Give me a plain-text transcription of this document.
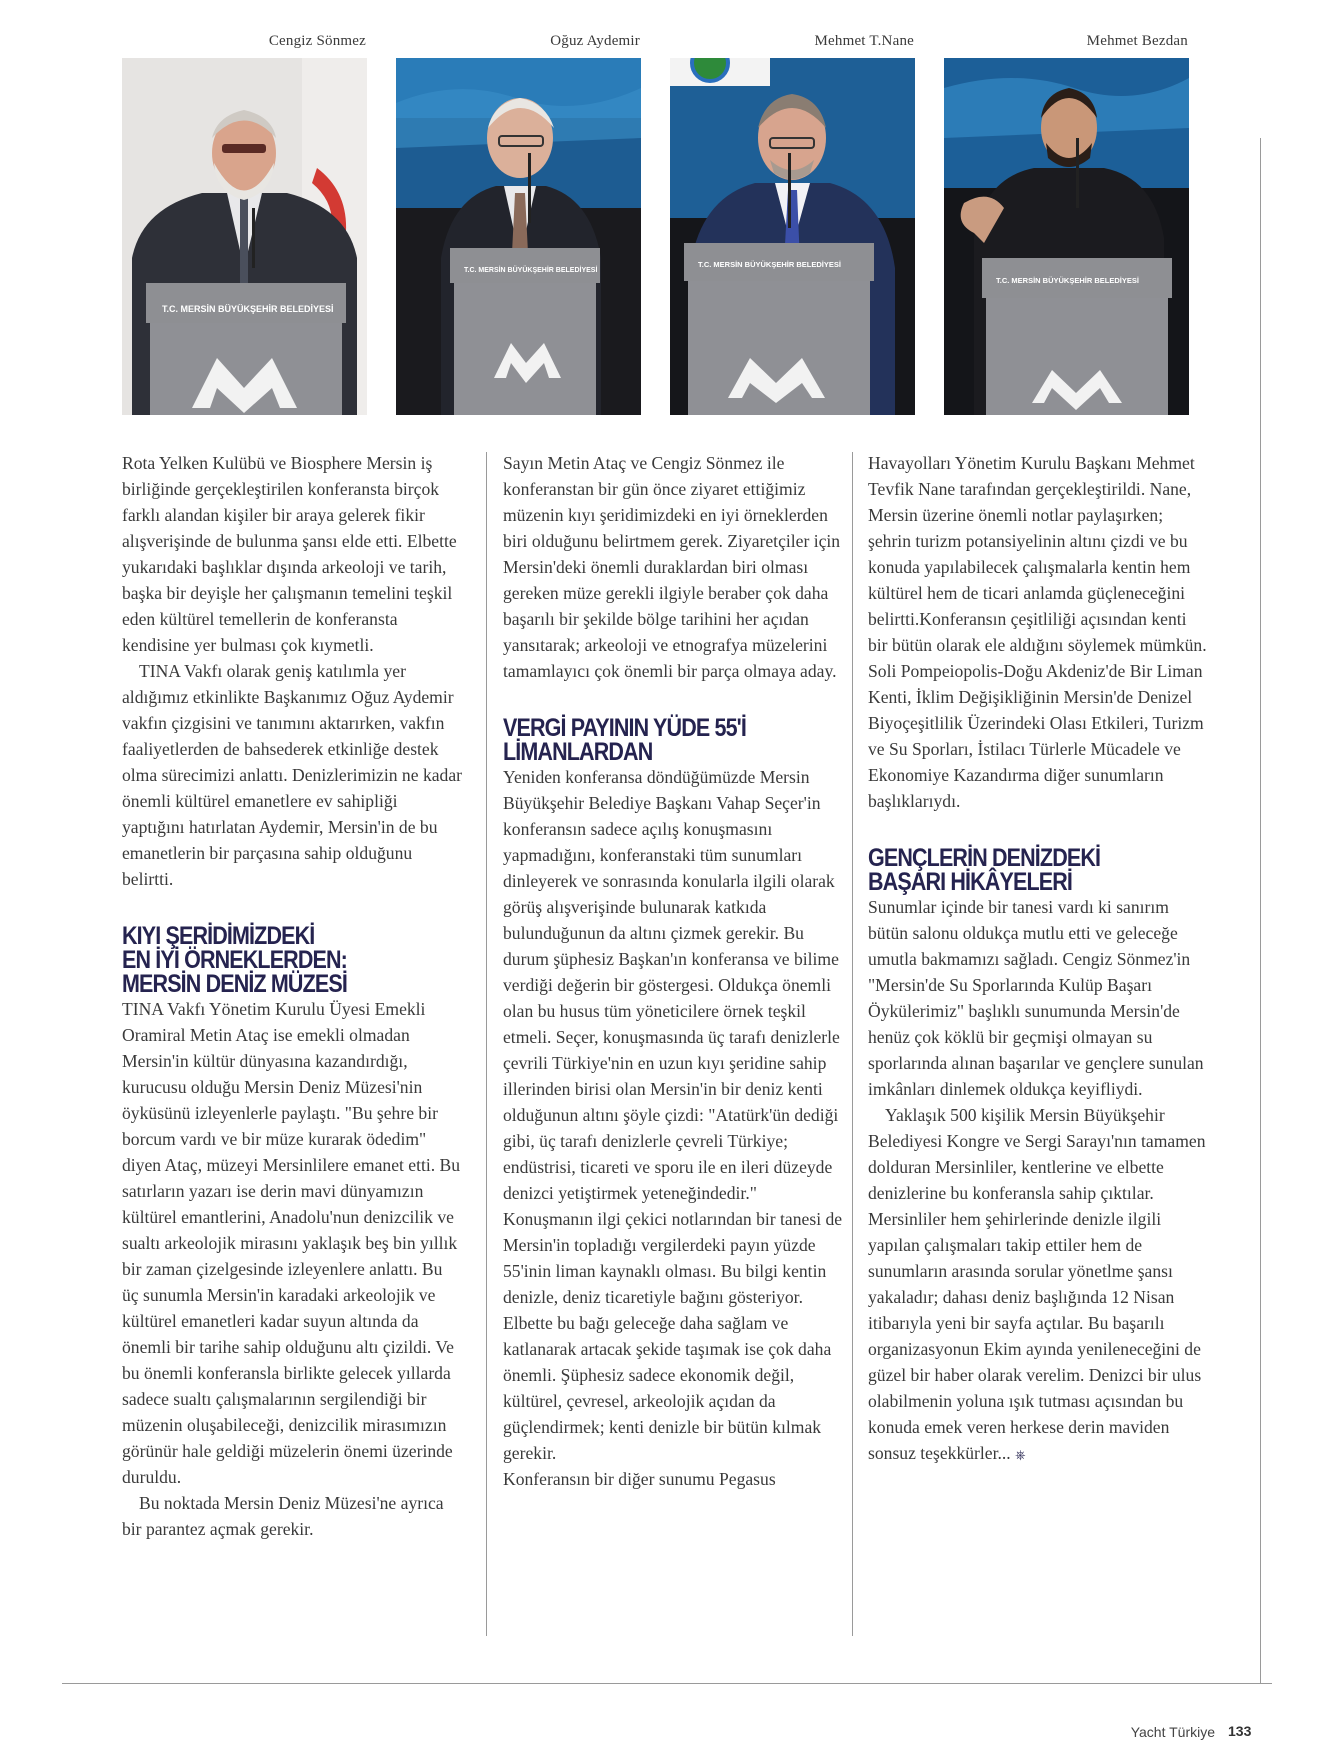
Cengiz Sönmez	Oğuz Aydemir	Mehmet T.Nane	Mehmet Bezdan
T.C. MERSİN BÜYÜKŞEHİR BELEDİYESİ
T.C. MERSİN BÜYÜKŞEHİR BELEDİYESİ
T.C. MERSİN BÜYÜKŞEHİR BELEDİYESİ
T.C. MERSİN BÜYÜKŞEHİR BELEDİYESİ

Rota Yelken Kulübü ve Biosphere Mersin iş birliğinde gerçekleştirilen konferansta birçok farklı alandan kişiler bir araya gelerek fikir alışverişinde de bulunma şansı elde etti. Elbette yukarıdaki başlıklar dışında arkeoloji ve tarih, başka bir deyişle her çalışmanın temelini teşkil eden kültürel temellerin de konferansta kendisine yer bulması çok kıymetli.

TINA Vakfı olarak geniş katılımla yer aldığımız etkinlikte Başkanımız Oğuz Aydemir vakfın çizgisini ve tanımını aktarırken, vakfın faaliyetlerden de bahsederek etkinliğe destek olma sürecimizi anlattı. Denizlerimizin ne kadar önemli kültürel emanetlere ev sahipliği yaptığını hatırlatan Aydemir, Mersin'in de bu emanetlerin bir parçasına sahip olduğunu belirtti.

KIYI ŞERİDİMİZDEKİ
EN İYİ ÖRNEKLERDEN:
MERSİN DENİZ MÜZESİ

TINA Vakfı Yönetim Kurulu Üyesi Emekli Oramiral Metin Ataç ise emekli olmadan Mersin'in kültür dünyasına kazandırdığı, kurucusu olduğu Mersin Deniz Müzesi'nin öyküsünü izleyenlerle paylaştı. "Bu şehre bir borcum vardı ve bir müze kurarak ödedim" diyen Ataç, müzeyi Mersinlilere emanet etti. Bu satırların yazarı ise derin mavi dünyamızın kültürel emantlerini, Anadolu'nun denizcilik ve sualtı arkeolojik mirasını yaklaşık beş bin yıllık bir zaman çizelgesinde izleyenlere anlattı. Bu üç sunumla Mersin'in karadaki arkeolojik ve kültürel emanetleri kadar suyun altında da önemli bir tarihe sahip olduğunu altı çizildi. Ve bu önemli konferansla birlikte gelecek yıllarda sadece sualtı çalışmalarının sergilendiği bir müzenin oluşabileceği, denizcilik mirasımızın görünür hale geldiği müzelerin önemi üzerinde duruldu.

Bu noktada Mersin Deniz Müzesi'ne ayrıca bir parantez açmak gerekir.

Sayın Metin Ataç ve Cengiz Sönmez ile konferanstan bir gün önce ziyaret ettiğimiz müzenin kıyı şeridimizdeki en iyi örneklerden biri olduğunu belirtmem gerek. Ziyaretçiler için Mersin'deki önemli duraklardan biri olması gereken müze gerekli ilgiyle beraber çok daha başarılı bir şekilde bölge tarihini her açıdan yansıtarak; arkeoloji ve etnografya müzelerini tamamlayıcı çok önemli bir parça olmaya aday.

VERGİ PAYININ YÜDE 55'İ
LİMANLARDAN

Yeniden konferansa döndüğümüzde Mersin Büyükşehir Belediye Başkanı Vahap Seçer'in konferansın sadece açılış konuşmasını yapmadığını, konferanstaki tüm sunumları dinleyerek ve sonrasında konularla ilgili olarak görüş alışverişinde bulunarak katkıda bulunduğunun da altını çizmek gerekir. Bu durum şüphesiz Başkan'ın konferansa ve bilime verdiği değerin bir göstergesi. Oldukça önemli olan bu husus tüm yöneticilere örnek teşkil etmeli. Seçer, konuşmasında üç tarafı denizlerle çevrili Türkiye'nin en uzun kıyı şeridine sahip illerinden birisi olan Mersin'in bir deniz kenti olduğunun altını şöyle çizdi: "Atatürk'ün dediği gibi, üç tarafı denizlerle çevreli Türkiye; endüstrisi, ticareti ve sporu ile en ileri düzeyde denizci yetiştirmek yeteneğindedir." Konuşmanın ilgi çekici notlarından bir tanesi de Mersin'in topladığı vergilerdeki payın yüzde 55'inin liman kaynaklı olması. Bu bilgi kentin denizle, deniz ticaretiyle bağını gösteriyor. Elbette bu bağı geleceğe daha sağlam ve katlanarak artacak şekide taşımak ise çok daha önemli. Şüphesiz sadece ekonomik değil, kültürel, çevresel, arkeolojik açıdan da güçlendirmek; kenti denizle bir bütün kılmak gerekir.

Konferansın bir diğer sunumu Pegasus

Havayolları Yönetim Kurulu Başkanı Mehmet Tevfik Nane tarafından gerçekleştirildi. Nane, Mersin üzerine önemli notlar paylaşırken; şehrin turizm potansiyelinin altını çizdi ve bu konuda yapılabilecek çalışmalarla kentin hem kültürel hem de ticari anlamda güçleneceğini belirtti.Konferansın çeşitliliği açısından kenti bir bütün olarak ele aldığını söylemek mümkün. Soli Pompeiopolis-Doğu Akdeniz'de Bir Liman Kenti, İklim Değişikliğinin Mersin'de Denizel Biyoçeşitlilik Üzerindeki Olası Etkileri, Turizm ve Su Sporları, İstilacı Türlerle Mücadele ve Ekonomiye Kazandırma diğer sunumların başlıklarıydı.

GENÇLERİN DENİZDEKİ
BAŞARI HİKÂYELERİ

Sunumlar içinde bir tanesi vardı ki sanırım bütün salonu oldukça mutlu etti ve geleceğe umutla bakmamızı sağladı. Cengiz Sönmez'in "Mersin'de Su Sporlarında Kulüp Başarı Öykülerimiz" başlıklı sunumunda Mersin'de henüz çok köklü bir geçmişi olmayan su sporlarında alınan başarılar ve gençlere sunulan imkânları dinlemek oldukça keyifliydi.

Yaklaşık 500 kişilik Mersin Büyükşehir Belediyesi Kongre ve Sergi Sarayı'nın tamamen dolduran Mersinliler, kentlerine ve elbette denizlerine bu konferansla sahip çıktılar. Mersinliler hem şehirlerinde denizle ilgili yapılan çalışmaları takip ettiler hem de sunumların arasında sorular yönetlme şansı yakaladır; dahası deniz başlığında 12 Nisan itibarıyla yeni bir sayfa açtılar. Bu başarılı organizasyonun Ekim ayında yenileneceğini de güzel bir haber olarak verelim. Denizci bir ulus olabilmenin yoluna ışık tutması açısından bu konuda emek veren herkese derin maviden sonsuz teşekkürler... ⎈

Yacht Türkiye 133
